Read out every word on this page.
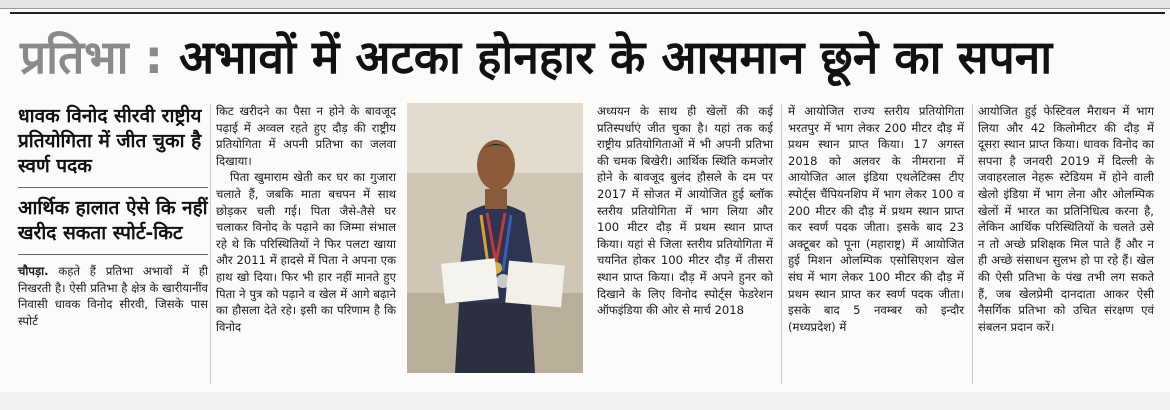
प्रतिभा : अभावों में अटका होनहार के आसमान छूने का सपना
धावक विनोद सीरवी राष्ट्रीय प्रतियोगिता में जीत चुका है स्वर्ण पदक
आर्थिक हालात ऐसे कि नहीं खरीद सकता स्पोर्ट-किट
चौपड़ा. कहते हैं प्रतिभा अभावों में ही निखरती है। ऐसी प्रतिभा है क्षेत्र के खारीयानींव निवासी धावक विनोद सीरवी, जिसके पास स्पोर्ट

किट खरीदने का पैसा न होने के बावजूद पढ़ाई में अव्वल रहते हुए दौड़ की राष्ट्रीय प्रतियोगिता में अपनी प्रतिभा का जलवा दिखाया।

पिता खुमाराम खेती कर घर का गुजारा चलाते हैं, जबकि माता बचपन में साथ छोड़कर चली गई। पिता जैसे-तैसे घर चलाकर विनोद के पढ़ाने का जिम्मा संभाल रहे थे कि परिस्थितियों ने फिर पलटा खाया और 2011 में हादसे में पिता ने अपना एक हाथ खो दिया। फिर भी हार नहीं मानते हुए पिता ने पुत्र को पढ़ाने व खेल में आगे बढ़ाने का हौसला देते रहे। इसी का परिणाम है कि विनोद

अध्ययन के साथ ही खेलों की कई प्रतिस्पर्धाएं जीत चुका है। यहां तक कई राष्ट्रीय प्रतियोगिताओं में भी अपनी प्रतिभा की चमक बिखेरी। आर्थिक स्थिति कमजोर होने के बावजूद बुलंद हौसले के दम पर 2017 में सोजत में आयोजित हुई ब्लॉक स्तरीय प्रतियोगिता में भाग लिया और 100 मीटर दौड़ में प्रथम स्थान प्राप्त किया। यहां से जिला स्तरीय प्रतियोगिता में चयनित होकर 100 मीटर दौड़ में तीसरा स्थान प्राप्त किया। दौड़ में अपने हुनर को दिखाने के लिए विनोद स्पोर्ट्स फेडरेशन ऑफइंडिया की ओर से मार्च 2018

में आयोजित राज्य स्तरीय प्रतियोगिता भरतपुर में भाग लेकर 200 मीटर दौड़ में प्रथम स्थान प्राप्त किया। 17 अगस्त 2018 को अलवर के नीमराना में आयोजित आल इंडिया एथलेटिक्स टीए स्पोर्ट्स चैंपियनशिप में भाग लेकर 100 व 200 मीटर की दौड़ में प्रथम स्थान प्राप्त कर स्वर्ण पदक जीता। इसके बाद 23 अक्टूबर को पूना (महाराष्ट्र) में आयोजित हुई मिशन ओलम्पिक एसोसिएशन खेल संघ में भाग लेकर 100 मीटर की दौड़ में प्रथम स्थान प्राप्त कर स्वर्ण पदक जीता। इसके बाद 5 नवम्बर को इन्दौर (मध्यप्रदेश) में

आयोजित हुई फेस्टिवल मैराथन में भाग लिया और 42 किलोमीटर की दौड़ में दूसरा स्थान प्राप्त किया। धावक विनोद का सपना है जनवरी 2019 में दिल्ली के जवाहरलाल नेहरू स्टेडियम में होने वाली खेलो इंडिया में भाग लेना और ओलम्पिक खेलों में भारत का प्रतिनिधित्व करना है, लेकिन आर्थिक परिस्थितियों के चलते उसे न तो अच्छे प्रशिक्षक मिल पाते हैं और न ही अच्छे संसाधन सुलभ हो पा रहे हैं। खेल की ऐसी प्रतिभा के पंख तभी लग सकते हैं, जब खेलप्रेमी दानदाता आकर ऐसी नैसर्गिक प्रतिभा को उचित संरक्षण एवं संबलन प्रदान करें।
